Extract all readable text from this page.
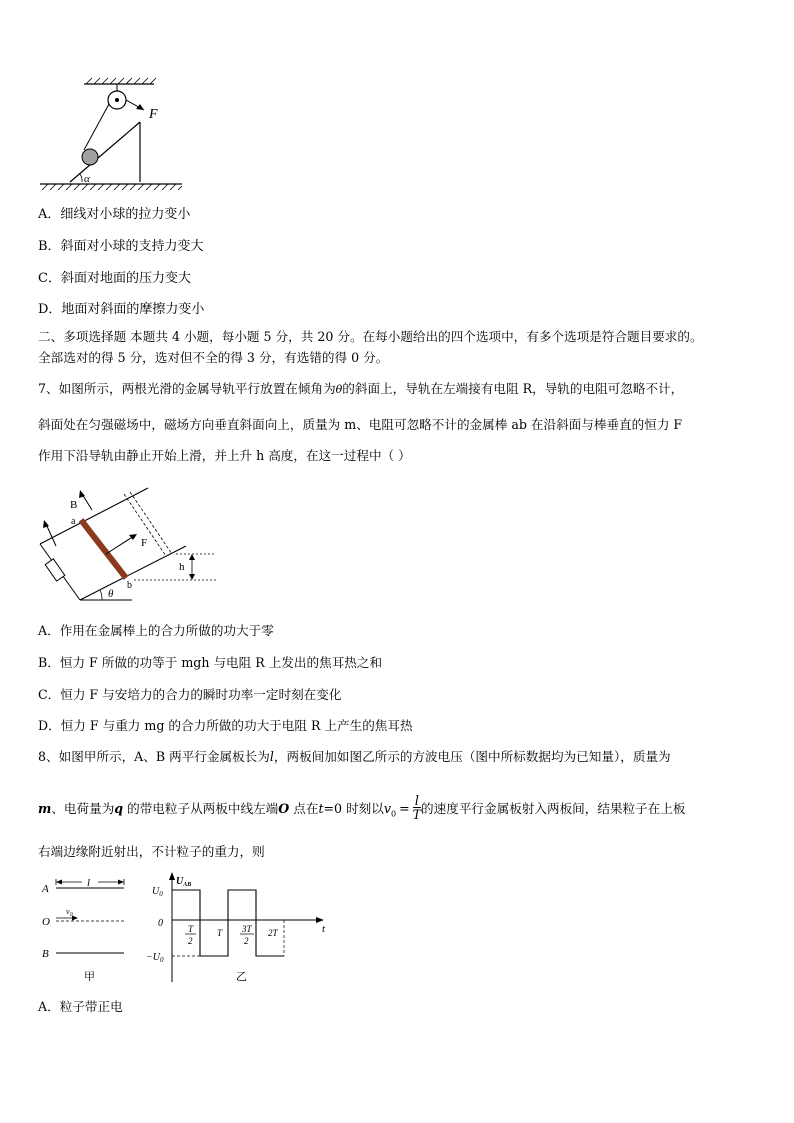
F
α
A．细线对小球的拉力变小
B．斜面对小球的支持力变大
C．斜面对地面的压力变大
D．地面对斜面的摩擦力变小
二、多项选择题 本题共 4 小题，每小题 5 分，共 20 分。在每小题给出的四个选项中，有多个选项是符合题目要求的。
全部选对的得 5 分，选对但不全的得 3 分，有选错的得 0 分。
7、如图所示，两根光滑的金属导轨平行放置在倾角为θ的斜面上，导轨在左端接有电阻 R，导轨的电阻可忽略不计，
斜面处在匀强磁场中，磁场方向垂直斜面向上，质量为 m、电阻可忽略不计的金属棒 ab 在沿斜面与棒垂直的恒力 F
作用下沿导轨由静止开始上滑，并上升 h 高度，在这一过程中（ ）
B
a
b
F
h
θ
A．作用在金属棒上的合力所做的功大于零
B．恒力 F 所做的功等于 mgh 与电阻 R 上发出的焦耳热之和
C．恒力 F 与安培力的合力的瞬时功率一定时刻在变化
D．恒力 F 与重力 mg 的合力所做的功大于电阻 R 上产生的焦耳热
8、如图甲所示，A、B 两平行金属板长为l，两板间加如图乙所示的方波电压（图中所标数据均为已知量），质量为
m、电荷量为q 的带电粒子从两板中线左端O 点在t=0 时刻以$v_0 = \frac{l}{T}$ 的速度平行金属板射入两板间，结果粒子在上板
右端边缘附近射出，不计粒子的重力，则
A	l
O
$v_0$
B
甲
$U_{AB}$
t
$U_0$
0
$-U_0$
T
2
T 3T
2
2T
乙
A．粒子带正电
